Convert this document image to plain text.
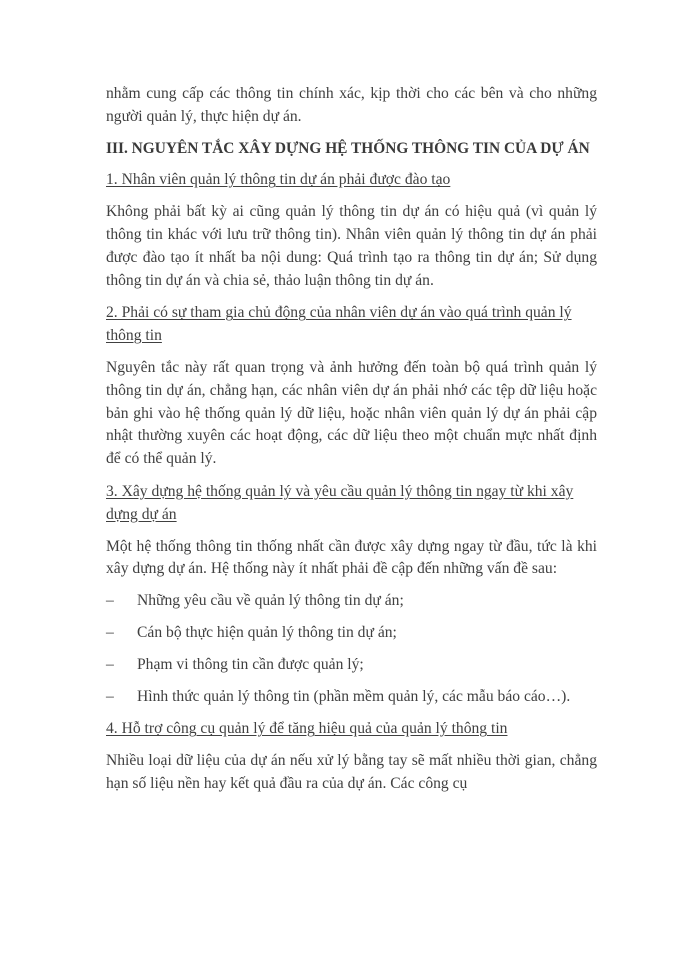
nhằm cung cấp các thông tin chính xác, kịp thời cho các bên và cho những người quản lý, thực hiện dự án.

III. NGUYÊN TẮC XÂY DỰNG HỆ THỐNG THÔNG TIN CỦA DỰ ÁN

1. Nhân viên quản lý thông tin dự án phải được đào tạo

Không phải bất kỳ ai cũng quản lý thông tin dự án có hiệu quả (vì quản lý thông tin khác với lưu trữ thông tin). Nhân viên quản lý thông tin dự án phải được đào tạo ít nhất ba nội dung: Quá trình tạo ra thông tin dự án; Sử dụng thông tin dự án và chia sẻ, thảo luận thông tin dự án.

2. Phải có sự tham gia chủ động của nhân viên dự án vào quá trình quản lý thông tin

Nguyên tắc này rất quan trọng và ảnh hưởng đến toàn bộ quá trình quản lý thông tin dự án, chẳng hạn, các nhân viên dự án phải nhớ các tệp dữ liệu hoặc bản ghi vào hệ thống quản lý dữ liệu, hoặc nhân viên quản lý dự án phải cập nhật thường xuyên các hoạt động, các dữ liệu theo một chuẩn mực nhất định để có thể quản lý.

3. Xây dựng hệ thống quản lý và yêu cầu quản lý thông tin ngay từ khi xây dựng dự án

Một hệ thống thông tin thống nhất cần được xây dựng ngay từ đầu, tức là khi xây dựng dự án. Hệ thống này ít nhất phải đề cập đến những vấn đề sau:

– Những yêu cầu về quản lý thông tin dự án;

– Cán bộ thực hiện quản lý thông tin dự án;

– Phạm vi thông tin cần được quản lý;

– Hình thức quản lý thông tin (phần mềm quản lý, các mẫu báo cáo…).

4. Hỗ trợ công cụ quản lý để tăng hiệu quả của quản lý thông tin

Nhiều loại dữ liệu của dự án nếu xử lý bằng tay sẽ mất nhiều thời gian, chẳng hạn số liệu nền hay kết quả đầu ra của dự án. Các công cụ
